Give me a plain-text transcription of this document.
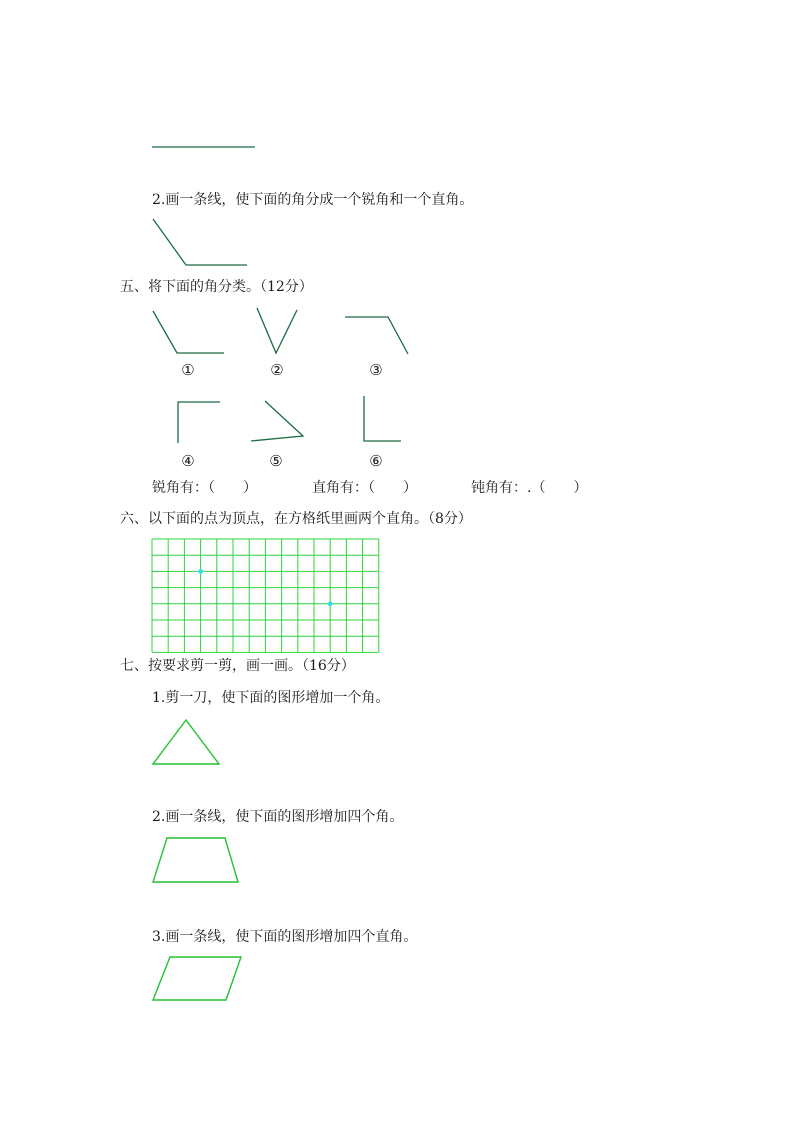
2.画一条线，使下面的角分成一个锐角和一个直角。
五、将下面的角分类。（12分）
①	②	③
④	⑤	⑥
锐角有：（　　）	直角有：（　　）	钝角有：.（　　）
六、以下面的点为顶点，在方格纸里画两个直角。（8分）
七、按要求剪一剪，画一画。（16分）
1.剪一刀，使下面的图形增加一个角。
2.画一条线，使下面的图形增加四个角。
3.画一条线，使下面的图形增加四个直角。
